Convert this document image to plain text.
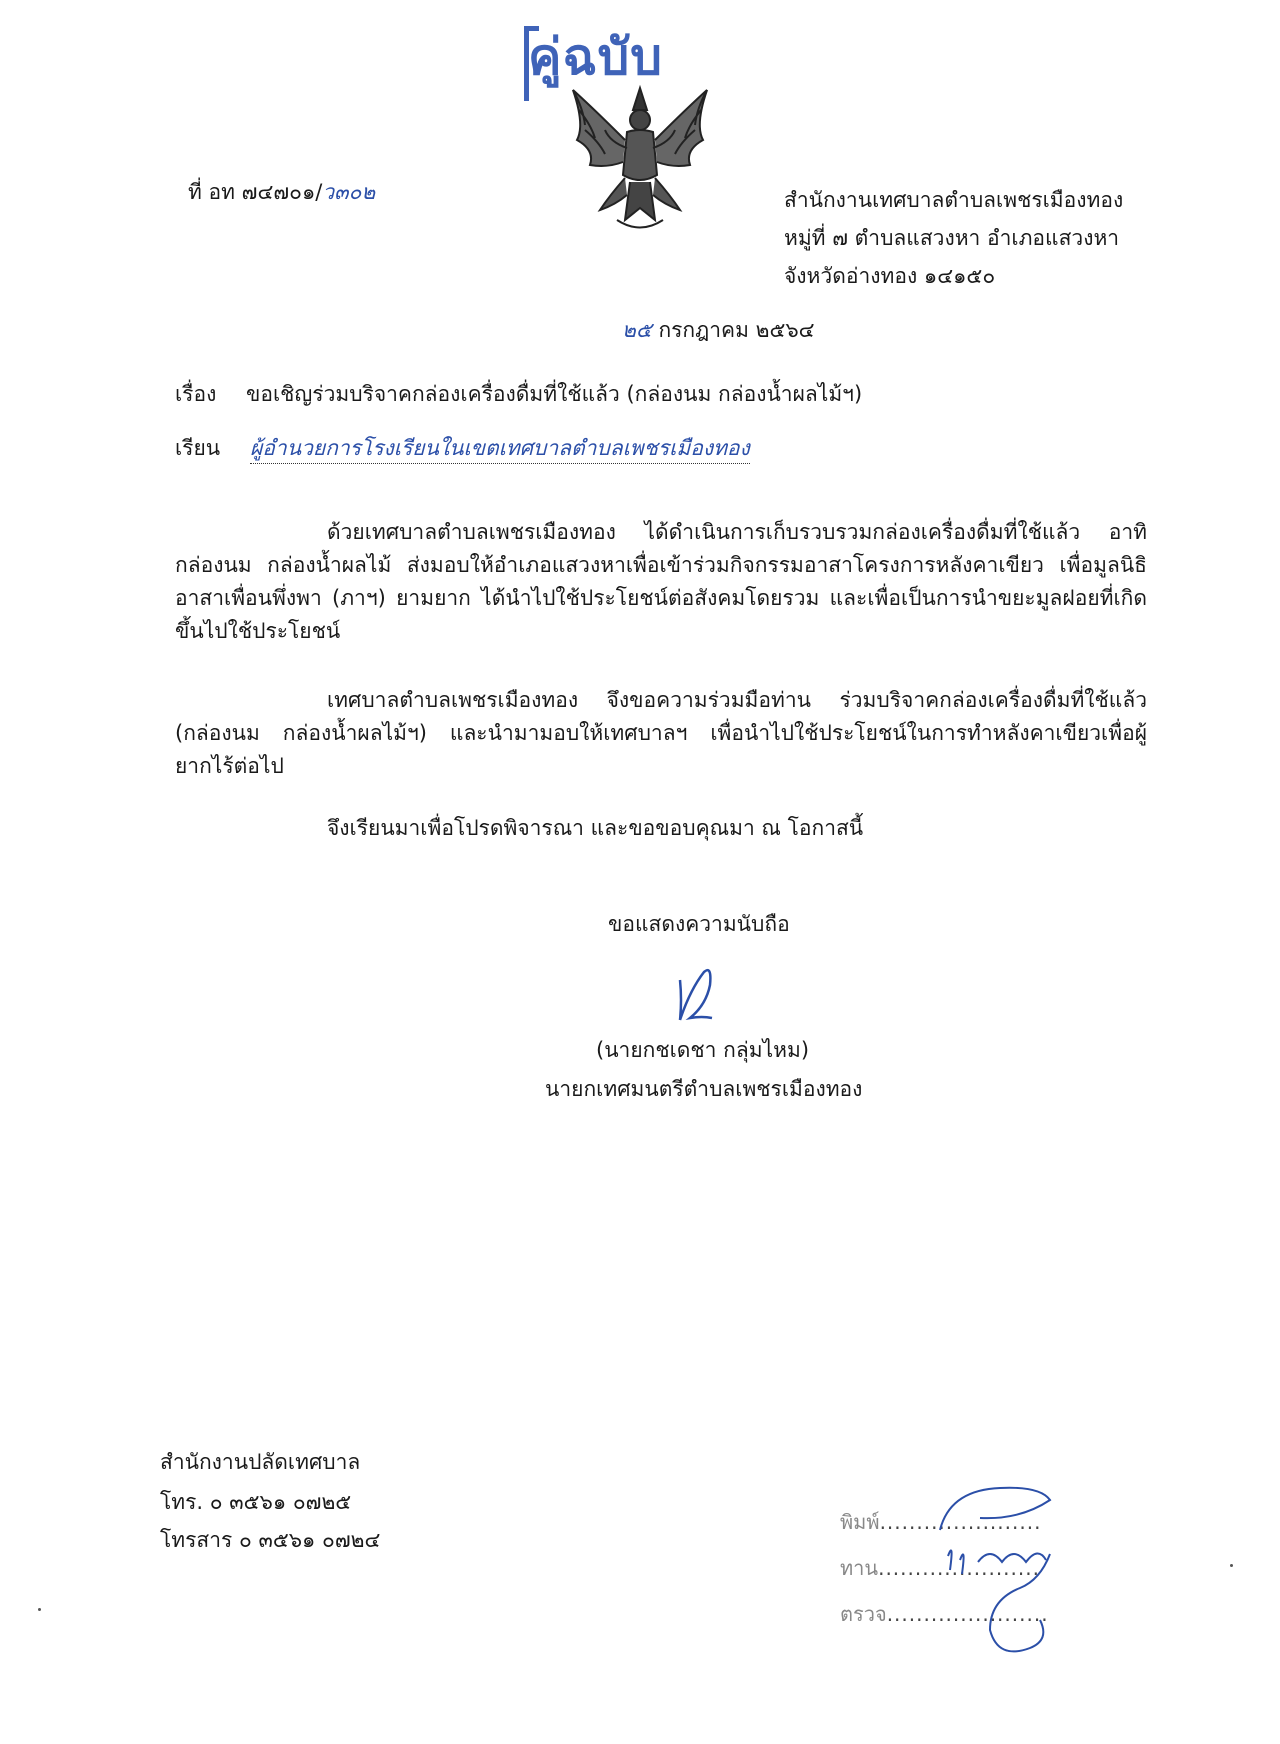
คู่ฉบับ
ที่ อท ๗๔๗๐๑/ว๓๐๒	สำนักงานเทศบาลตำบลเพชรเมืองทอง
หมู่ที่ ๗ ตำบลแสวงหา อำเภอแสวงหา
จังหวัดอ่างทอง ๑๔๑๕๐
๒๕ กรกฎาคม ๒๕๖๔
เรื่อง ขอเชิญร่วมบริจาคกล่องเครื่องดื่มที่ใช้แล้ว (กล่องนม กล่องน้ำผลไม้ฯ)
เรียน ผู้อำนวยการโรงเรียนในเขตเทศบาลตำบลเพชรเมืองทอง
ด้วยเทศบาลตำบลเพชรเมืองทอง ได้ดำเนินการเก็บรวบรวมกล่องเครื่องดื่มที่ใช้แล้ว อาทิ กล่องนม กล่องน้ำผลไม้ ส่งมอบให้อำเภอแสวงหาเพื่อเข้าร่วมกิจกรรมอาสาโครงการหลังคาเขียว เพื่อมูลนิธิอาสาเพื่อนพึ่งพา (ภาฯ) ยามยาก ได้นำไปใช้ประโยชน์ต่อสังคมโดยรวม และเพื่อเป็นการนำขยะมูลฝอยที่เกิดขึ้นไปใช้ประโยชน์
เทศบาลตำบลเพชรเมืองทอง จึงขอความร่วมมือท่าน ร่วมบริจาคกล่องเครื่องดื่มที่ใช้แล้ว (กล่องนม กล่องน้ำผลไม้ฯ) และนำมามอบให้เทศบาลฯ เพื่อนำไปใช้ประโยชน์ในการทำหลังคาเขียวเพื่อผู้ยากไร้ต่อไป
จึงเรียนมาเพื่อโปรดพิจารณา และขอขอบคุณมา ณ โอกาสนี้
ขอแสดงความนับถือ
(นายกชเดชา กลุ่มไหม)
นายกเทศมนตรีตำบลเพชรเมืองทอง
สำนักงานปลัดเทศบาล
โทร. ๐ ๓๕๖๑ ๐๗๒๕
โทรสาร ๐ ๓๕๖๑ ๐๗๒๔
พิมพ์......................
ทาน......................
ตรวจ......................
